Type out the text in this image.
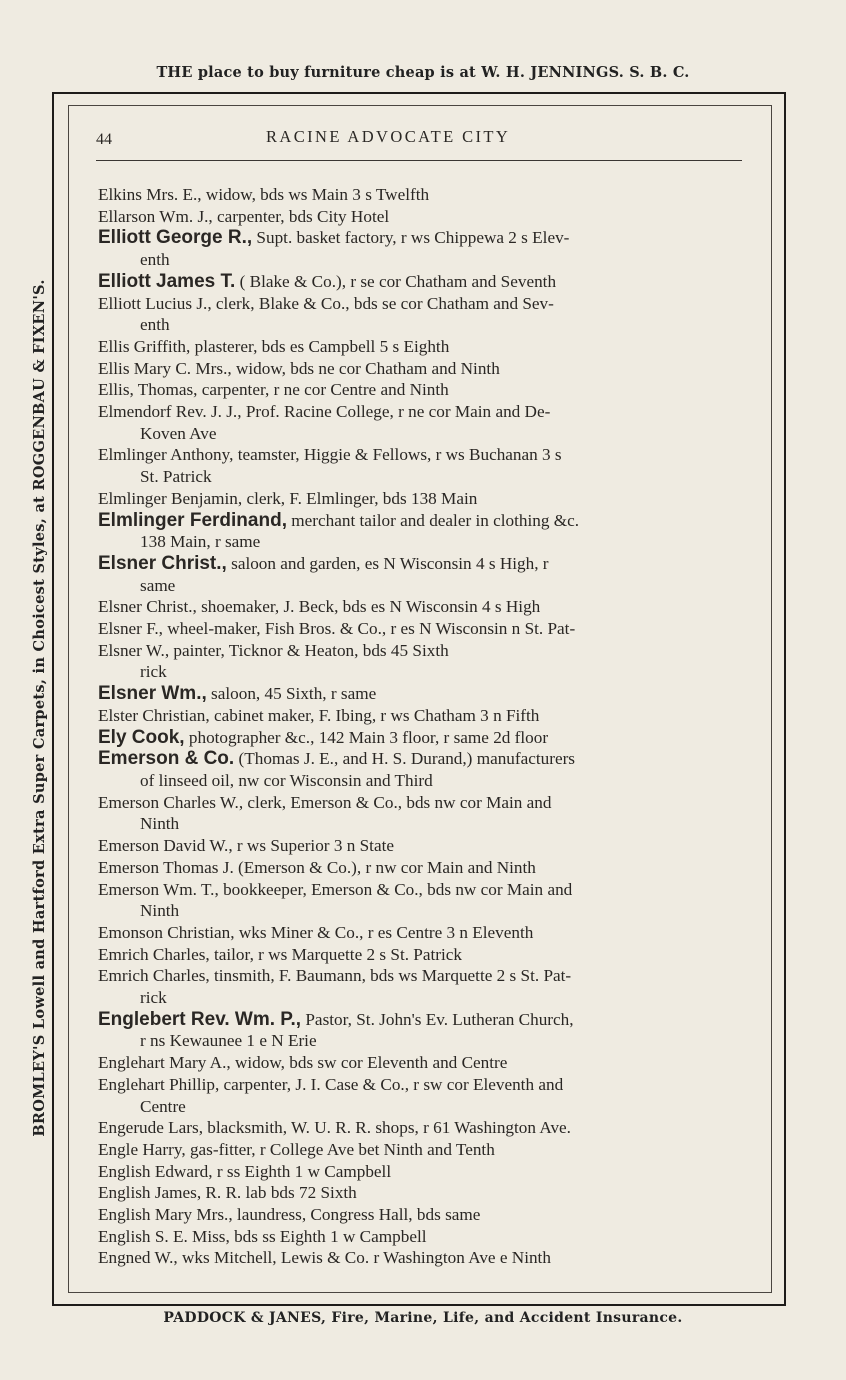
THE place to buy furniture cheap is at W. H. JENNINGS. S. B. C.
BROMLEY'S Lowell and Hartford Extra Super Carpets, in Choicest Styles, at ROGGENBAU & FIXEN'S.
44	RACINE ADVOCATE CITY
Elkins Mrs. E., widow, bds ws Main 3 s Twelfth
Ellarson Wm. J., carpenter, bds City Hotel
Elliott George R., Supt. basket factory, r ws Chippewa 2 s Elev-
enth
Elliott James T. ( Blake & Co.), r se cor Chatham and Seventh
Elliott Lucius J., clerk, Blake & Co., bds se cor Chatham and Sev-
enth
Ellis Griffith, plasterer, bds es Campbell 5 s Eighth
Ellis Mary C. Mrs., widow, bds ne cor Chatham and Ninth
Ellis, Thomas, carpenter, r ne cor Centre and Ninth
Elmendorf Rev. J. J., Prof. Racine College, r ne cor Main and De-
Koven Ave
Elmlinger Anthony, teamster, Higgie & Fellows, r ws Buchanan 3 s
St. Patrick
Elmlinger Benjamin, clerk, F. Elmlinger, bds 138 Main
Elmlinger Ferdinand, merchant tailor and dealer in clothing &c.
138 Main, r same
Elsner Christ., saloon and garden, es N Wisconsin 4 s High, r
same
Elsner Christ., shoemaker, J. Beck, bds es N Wisconsin 4 s High
Elsner F., wheel-maker, Fish Bros. & Co., r es N Wisconsin n St. Pat-
Elsner W., painter, Ticknor & Heaton, bds 45 Sixth
rick
Elsner Wm., saloon, 45 Sixth, r same
Elster Christian, cabinet maker, F. Ibing, r ws Chatham 3 n Fifth
Ely Cook, photographer &c., 142 Main 3 floor, r same 2d floor
Emerson & Co. (Thomas J. E., and H. S. Durand,) manufacturers
of linseed oil, nw cor Wisconsin and Third
Emerson Charles W., clerk, Emerson & Co., bds nw cor Main and
Ninth
Emerson David W., r ws Superior 3 n State
Emerson Thomas J. (Emerson & Co.), r nw cor Main and Ninth
Emerson Wm. T., bookkeeper, Emerson & Co., bds nw cor Main and
Ninth
Emonson Christian, wks Miner & Co., r es Centre 3 n Eleventh
Emrich Charles, tailor, r ws Marquette 2 s St. Patrick
Emrich Charles, tinsmith, F. Baumann, bds ws Marquette 2 s St. Pat-
rick
Englebert Rev. Wm. P., Pastor, St. John's Ev. Lutheran Church,
r ns Kewaunee 1 e N Erie
Englehart Mary A., widow, bds sw cor Eleventh and Centre
Englehart Phillip, carpenter, J. I. Case & Co., r sw cor Eleventh and
Centre
Engerude Lars, blacksmith, W. U. R. R. shops, r 61 Washington Ave.
Engle Harry, gas-fitter, r College Ave bet Ninth and Tenth
English Edward, r ss Eighth 1 w Campbell
English James, R. R. lab bds 72 Sixth
English Mary Mrs., laundress, Congress Hall, bds same
English S. E. Miss, bds ss Eighth 1 w Campbell
Engned W., wks Mitchell, Lewis & Co. r Washington Ave e Ninth
PADDOCK & JANES, Fire, Marine, Life, and Accident Insurance.
